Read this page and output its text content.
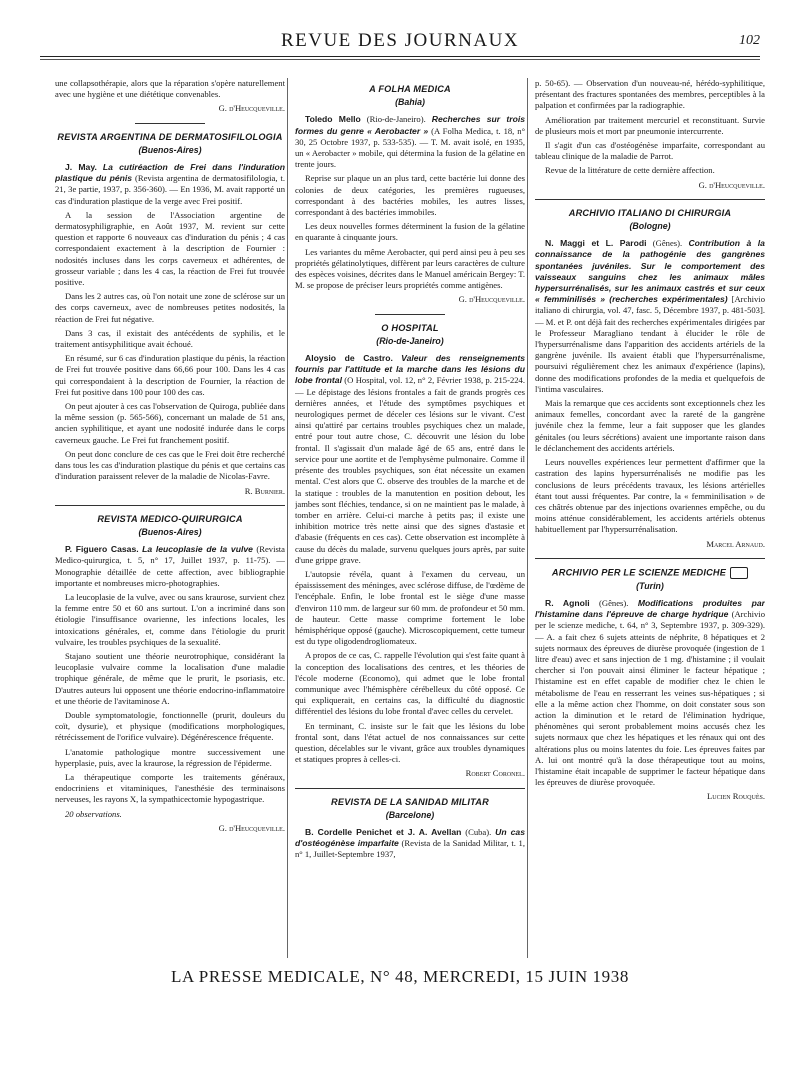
REVUE DES JOURNAUX	102

une collapsothérapie, alors que la réparation s'opère naturellement avec une hygiène et une diététique convenables.

G. d'Heucqueville.
REVISTA ARGENTINA DE DERMATOSIFILOLOGIA
(Buenos-Aires)

J. May. La cutiréaction de Frei dans l'induration plastique du pénis (Revista argentina de dermatosifilologia, t. 21, 3e partie, 1937, p. 356-360). — En 1936, M. avait rapporté un cas d'induration plastique de la verge avec Frei positif.

A la session de l'Association argentine de dermatosyphiligraphie, en Août 1937, M. revient sur cette question et rapporte 6 nouveaux cas d'induration du pénis ; 4 cas correspondaient exactement à la description de Fournier : nodosités incluses dans les corps caverneux et adhérentes, de grosseur variable ; dans les 4 cas, la réaction de Frei fut trouvée positive.

Dans les 2 autres cas, où l'on notait une zone de sclérose sur un des corps caverneux, avec de nombreuses petites nodosités, la réaction de Frei fut négative.

Dans 3 cas, il existait des antécédents de syphilis, et le traitement antisyphilitique avait échoué.

En résumé, sur 6 cas d'induration plastique du pénis, la réaction de Frei fut trouvée positive dans 66,66 pour 100. Dans les 4 cas qui correspondaient à la description de Fournier, la réaction de Frei fut positive dans 100 pour 100 des cas.

On peut ajouter à ces cas l'observation de Quiroga, publiée dans la même session (p. 565-566), concernant un malade de 51 ans, ancien syphilitique, et ayant une nodosité indurée dans le corps caverneux gauche. Le Frei fut franchement positif.

On peut donc conclure de ces cas que le Frei doit être recherché dans tous les cas d'induration plastique du pénis et que certains cas d'induration paraissent relever de la maladie de Nicolas-Favre.

R. Burnier.
REVISTA MEDICO-QUIRURGICA
(Buenos-Aires)

P. Figuero Casas. La leucoplasie de la vulve (Revista Medico-quirurgica, t. 5, n° 17, Juillet 1937, p. 11-75). — Monographie détaillée de cette affection, avec bibliographie importante et nombreuses micro-photographies.

La leucoplasie de la vulve, avec ou sans kraurose, survient chez la femme entre 50 et 60 ans surtout. L'on a incriminé dans son étiologie l'insuffisance ovarienne, les infections locales, les intoxications générales, et, comme dans l'étiologie du prurit vulvaire, les troubles psychiques de la sexualité.

Stajano soutient une théorie neurotrophique, considérant la leucoplasie vulvaire comme la localisation d'une maladie trophique générale, de même que le prurit, le psoriasis, etc. D'autres auteurs lui opposent une théorie endocrino-inflammatoire et une théorie de l'avitaminose A.

Double symptomatologie, fonctionnelle (prurit, douleurs du coït, dysurie), et physique (modifications morphologiques, rétrécissement de l'orifice vulvaire). Dégénérescence fréquente.

L'anatomie pathologique montre successivement une hyperplasie, puis, avec la kraurose, la régression de l'épiderme.

La thérapeutique comporte les traitements généraux, endocriniens et vitaminiques, l'anesthésie des terminaisons nerveuses, les rayons X, la sympathicectomie hypogastrique.

20 observations.

G. d'Heucqueville.
A FOLHA MEDICA
(Bahia)

Toledo Mello (Rio-de-Janeiro). Recherches sur trois formes du genre « Aerobacter » (A Folha Medica, t. 18, n° 30, 25 Octobre 1937, p. 533-535). — T. M. avait isolé, en 1935, un « Aerobacter » mobile, qui détermina la fusion de la gélatine en trente jours.

Reprise sur plaque un an plus tard, cette bactérie lui donne des colonies de deux catégories, les premières rugueuses, correspondant à des bactéries mobiles, les autres lisses, correspondant à des bactéries immobiles.

Les deux nouvelles formes déterminent la fusion de la gélatine en quarante à cinquante jours.

Les variantes du même Aerobacter, qui perd ainsi peu à peu ses propriétés gélatinolytiques, diffèrent par leurs caractères de culture des espèces voisines, décrites dans le Manuel américain Bergey: T. M. se propose de préciser leurs propriétés comme antigènes.

G. d'Heucqueville.
O HOSPITAL
(Rio-de-Janeiro)

Aloysio de Castro. Valeur des renseignements fournis par l'attitude et la marche dans les lésions du lobe frontal (O Hospital, vol. 12, n° 2, Février 1938, p. 215-224. — Le dépistage des lésions frontales a fait de grands progrès ces dernières années, et l'étude des symptômes psychiques et neurologiques permet de déceler ces lésions sur le vivant. C'est ainsi qu'attiré par certains troubles psychiques chez un malade, entré pour tout autre chose, C. découvrit une lésion du lobe frontal. Il s'agissait d'un malade âgé de 65 ans, entré dans le service pour une aortite et de l'emphysème pulmonaire. Comme il présente des troubles psychiques, son état nécessite un examen mental. C'est alors que C. observe des troubles de la marche et de la statique : troubles de la manutention en position debout, les jambes sont fléchies, tendance, si on ne maintient pas le malade, à tomber en arrière. Celui-ci marche à petits pas; il existe une inhibition motrice très nette ainsi que des signes d'astasie et d'abasie (fréquents en ces cas). Cette observation est incomplète à cause du décès du malade, survenu quelques jours après, par suite d'une grippe grave.

L'autopsie révéla, quant à l'examen du cerveau, un épaississement des méninges, avec sclérose diffuse, de l'œdème de l'encéphale. Enfin, le lobe frontal est le siège d'une masse d'environ 110 mm. de largeur sur 60 mm. de profondeur et 50 mm. de hauteur. Cette masse comprime fortement le lobe hémisphérique opposé (gauche). Microscopiquement, cette tumeur est du type oligodendrogliomateux.

A propos de ce cas, C. rappelle l'évolution qui s'est faite quant à la conception des localisations des centres, et les théories de l'école moderne (Economo), qui admet que le lobe frontal communique avec l'hémisphère cérébelleux du côté opposé. Ce qui expliquerait, en certains cas, la difficulté du diagnostic différentiel des lésions du lobe frontal d'avec celles du cervelet.

En terminant, C. insiste sur le fait que les lésions du lobe frontal sont, dans l'état actuel de nos connaissances sur cette question, décelables sur le vivant, grâce aux troubles dynamiques et statiques propres à celles-ci.

Robert Coronel.
REVISTA DE LA SANIDAD MILITAR
(Barcelone)

B. Cordelle Penichet et J. A. Avellan (Cuba). Un cas d'ostéogénèse imparfaite (Revista de la Sanidad Militar, t. 1, n° 1, Juillet-Septembre 1937,

p. 50-65). — Observation d'un nouveau-né, hérédo-syphilitique, présentant des fractures spontanées des membres, perceptibles à la palpation et confirmées par la radiographie.

Amélioration par traitement mercuriel et reconstituant. Survie de plusieurs mois et mort par pneumonie intercurrente.

Il s'agit d'un cas d'ostéogénèse imparfaite, correspondant au tableau clinique de la maladie de Parrot.

Revue de la littérature de cette dernière affection.

G. d'Heucqueville.
ARCHIVIO ITALIANO DI CHIRURGIA
(Bologne)

N. Maggi et L. Parodi (Gênes). Contribution à la connaissance de la pathogénie des gangrènes spontanées juvéniles. Sur le comportement des vaisseaux sanguins chez les animaux mâles hypersurrénalisés, sur les animaux castrés et sur ceux « femminilisés » (recherches expérimentales) [Archivio italiano di chirurgia, vol. 47, fasc. 5, Décembre 1937, p. 481-503]. — M. et P. ont déjà fait des recherches expérimentales dirigées par le Professeur Maragliano tendant à élucider le rôle de l'hypersurrénalisme dans l'apparition des accidents artériels de la gangrène juvénile. Ils avaient établi que l'hypersurrénalisme, poursuivi régulièrement chez les animaux d'expérience (lapins), donne des modifications profondes de la media et quelquefois de l'intima vasculaires.

Mais la remarque que ces accidents sont exceptionnels chez les animaux femelles, concordant avec la rareté de la gangrène juvénile chez la femme, leur a fait supposer que les glandes génitales (ou leurs sécrétions) avaient une importante raison dans le déclanchement des accidents artériels.

Leurs nouvelles expériences leur permettent d'affirmer que la castration des lapins hypersurrénalisés ne modifie pas les conclusions de leurs précédents travaux, les lésions artérielles étant tout aussi fréquentes. Par contre, la « femminilisation » de ces châtrés obtenue par des injections ovariennes empêche, ou du moins atténue considérablement, les accidents artériels obtenus habituellement par l'hypersurrénalisation.

Marcel Arnaud.
ARCHIVIO PER LE SCIENZE MEDICHE
(Turin)

R. Agnoli (Gênes). Modifications produites par l'histamine dans l'épreuve de charge hydrique (Archivio per le scienze mediche, t. 64, n° 3, Septembre 1937, p. 309-329). — A. a fait chez 6 sujets atteints de néphrite, 8 hépatiques et 2 sujets normaux des épreuves de diurèse provoquée (ingestion de 1 litre d'eau) avec et sans injection de 1 mg. d'histamine ; il voulait chercher si l'on pouvait ainsi éliminer le facteur hépatique ; l'histamine est en effet capable de modifier chez le chien le métabolisme de l'eau en resserrant les veines sus-hépatiques ; si elle a la même action chez l'homme, on doit constater sous son action la diminution et le retard de l'élimination hydrique, phénomènes qui seront probablement moins accusés chez les sujets normaux que chez les hépatiques et les rénaux qui ont des altérations plus ou moins latentes du foie. Les épreuves faites par A. lui ont montré qu'à la dose thérapeutique tout au moins, l'histamine était incapable de supprimer le facteur hépatique dans les épreuves de diurèse provoquée.

Lucien Rouquès.
LA PRESSE MEDICALE, N° 48, MERCREDI, 15 JUIN 1938
